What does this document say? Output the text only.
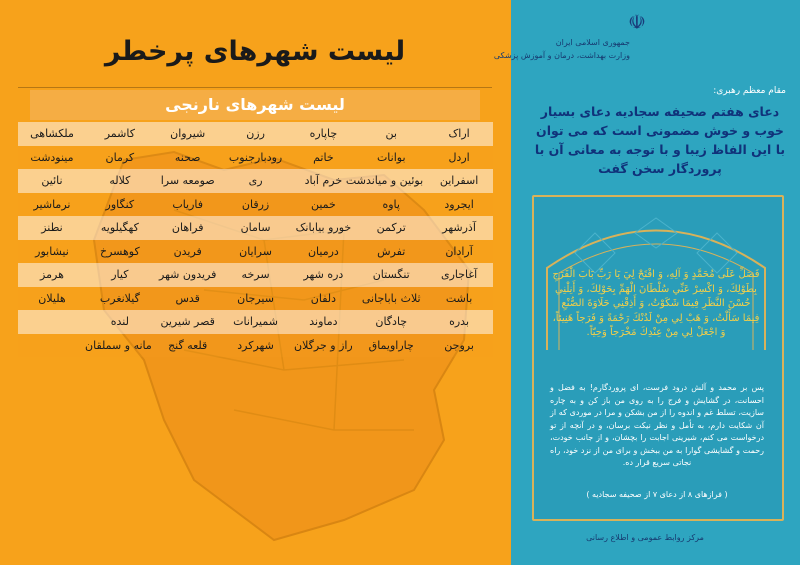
لیست شهرهای پرخطر
لیست شهرهای نارنجی
اراک	بن	چاپاره	رزن	شیروان	کاشمر	ملکشاهی
اردل	بوانات	خاتم	رودبارجنوب	صحنه	کرمان	مینودشت
اسفراین	بوئین و میاندشت	خرم آباد	ری	صومعه سرا	کلاله	نائین
ایجرود	پاوه	خمین	زرقان	فاریاب	کنگاور	نرماشیر
آذرشهر	ترکمن	خورو بیابانک	سامان	فراهان	کهگیلویه	نطنز
آرادان	تفرش	درمیان	سرایان	فریدن	کوهسرخ	نیشابور
آغاجاری	تنگستان	دره شهر	سرخه	فریدون شهر	کیار	هرمز
باشت	ثلاث باباجانی	دلفان	سیرجان	قدس	گیلانغرب	هلیلان
بدره	چادگان	دماوند	شمیرانات	قصر شیرین	لنده	
بروجن	چاراویماق	راز و جرگلان	شهرکرد	قلعه گنج	مانه و سملقان	
☫
جمهوری اسلامی ایران
وزارت بهداشت، درمان و آموزش پزشکی
مقام معظم رهبری:
دعای هفتم صحیفه سجادیه دعای بسیار خوب و خوش مضمونی است که می توان با این الفاظ زیبا و با توجه به معانی آن با پروردگار سخن گفت
فَصَلِّ عَلَى مُحَمَّدٍ وَ آلِهِ، وَ افْتَحْ لِيَ يَا رَبِّ بَابَ الْفَرَجِ بِطَوْلِكَ، وَ اكْسِرْ عَنِّي سُلْطَانَ الْهَمِّ بِحَوْلِكَ، وَ أَنِلْنِي حُسْنَ النَّظَرِ فِيمَا شَكَوْتُ، وَ أَذِقْنِي حَلَاوَةَ الصُّنْعِ فِيمَا سَأَلْتُ، وَ هَبْ لِي مِنْ لَدُنْكَ رَحْمَةً وَ فَرَجاً هَنِيئاً، وَ اجْعَلْ لِي مِنْ عِنْدِكَ مَخْرَجاً وَحِيّاً.
پس بر محمد و آلش درود فرست، ای پروردگارم! به فضل و احسانت، در گشایش و فرج را به روی من باز کن و به چاره سازیت، تسلط غم و اندوه را از من بشکن و مرا در موردی که از آن شکایت دارم، به تأمل و نظر نیکت برسان، و در آنچه از تو درخواست می کنم، شیرینی اجابت را بچشان، و از جانب خودت، رحمت و گشایشی گوارا به من ببخش و برای من از نزد خود، راه نجاتی سریع قرار ده.
( فرازهای ۸ از دعای ۷ از صحیفه سجادیه )
مرکز روابط عمومی و اطلاع رسانی
